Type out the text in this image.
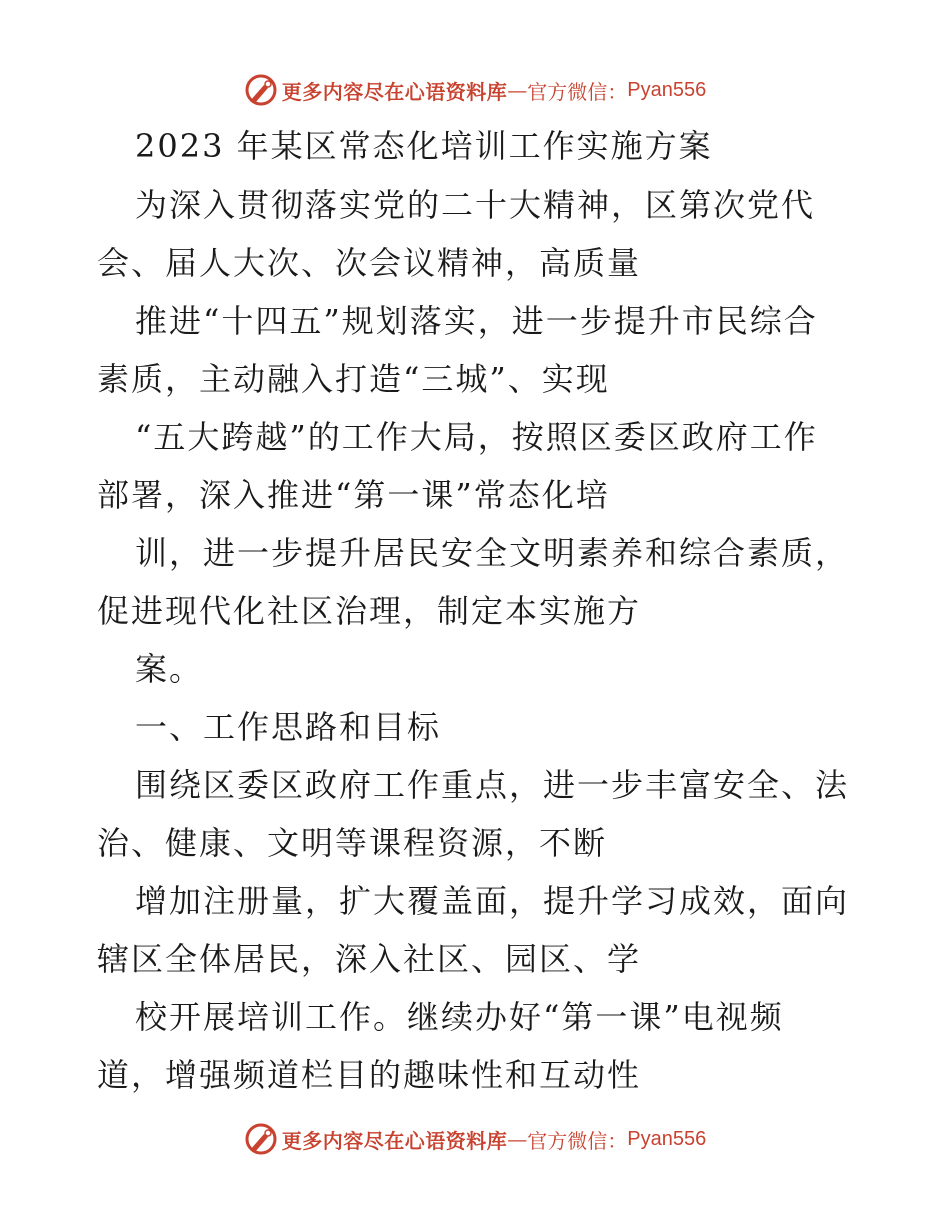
更多内容尽在心语资料库 — 官方微信： Pyan556
2023 年某区常态化培训工作实施方案
为深入贯彻落实党的二十大精神，区第次党代
会、届人大次、次会议精神，高质量
推进“十四五”规划落实，进一步提升市民综合
素质，主动融入打造“三城”、实现
“五大跨越”的工作大局，按照区委区政府工作
部署，深入推进“第一课”常态化培
训，进一步提升居民安全文明素养和综合素质，
促进现代化社区治理，制定本实施方
案。
一、工作思路和目标
围绕区委区政府工作重点，进一步丰富安全、法
治、健康、文明等课程资源，不断
增加注册量，扩大覆盖面，提升学习成效，面向
辖区全体居民，深入社区、园区、学
校开展培训工作。继续办好“第一课”电视频
道，增强频道栏目的趣味性和互动性
更多内容尽在心语资料库 — 官方微信： Pyan556
